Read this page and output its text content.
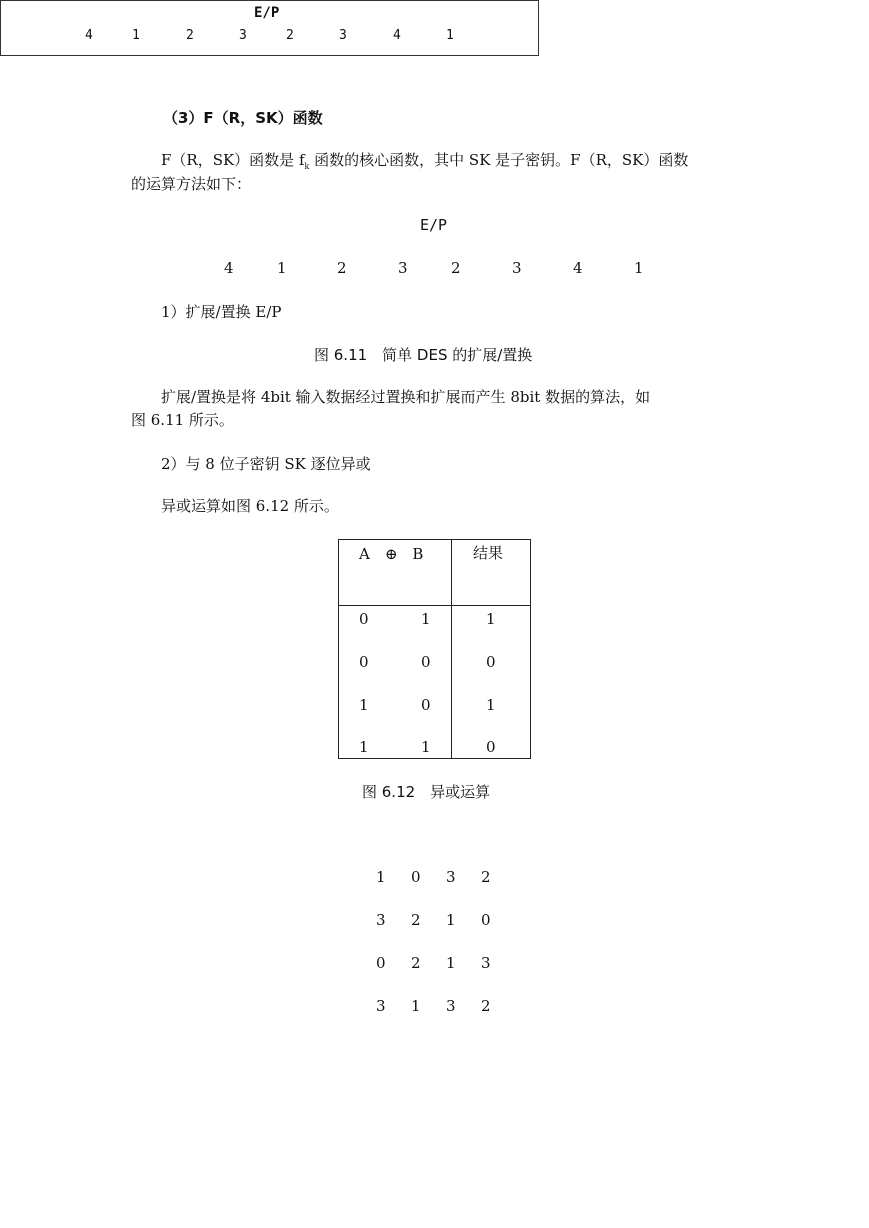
E/P
4	1	2	3	2	3	4	1
（3）F（R，SK）函数
F（R，SK）函数是 $f_k$ 函数的核心函数，其中 SK 是子密钥。F（R，SK）函数
的运算方法如下：
E/P
4	1	2	3	2	3	4	1
1）扩展/置换 E/P
图 6.11　简单 DES 的扩展/置换
扩展/置换是将 4bit 输入数据经过置换和扩展而产生 8bit 数据的算法，如
图 6.11 所示。
2）与 8 位子密钥 SK 逐位异或
异或运算如图 6.12 所示。
A　⊕　B	结果
0	1	1
0	0	0
1	0	1
1	1	0
图 6.12　异或运算
1 0 3 2
3 2 1 0
0 2 1 3
3 1 3 2
